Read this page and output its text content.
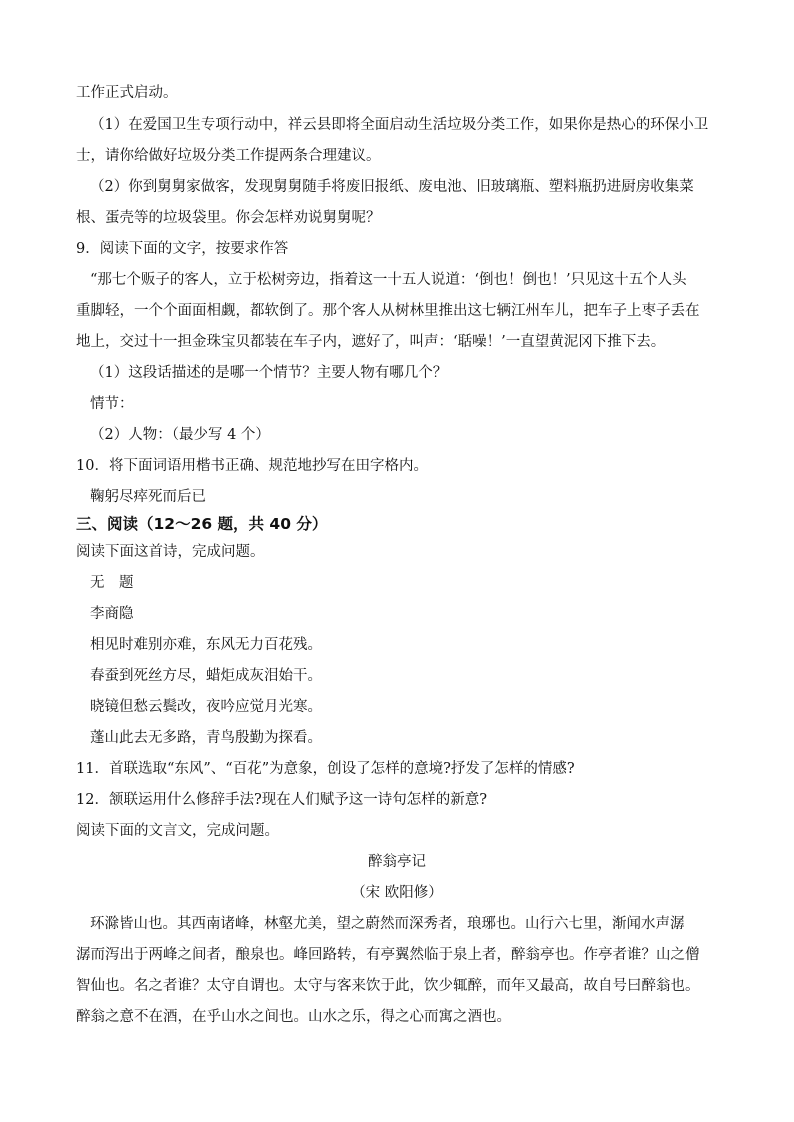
工作正式启动。
（1）在爱国卫生专项行动中，祥云县即将全面启动生活垃圾分类工作，如果你是热心的环保小卫
士，请你给做好垃圾分类工作提两条合理建议。
（2）你到舅舅家做客，发现舅舅随手将废旧报纸、废电池、旧玻璃瓶、塑料瓶扔进厨房收集菜
根、蛋壳等的垃圾袋里。你会怎样劝说舅舅呢？
9．阅读下面的文字，按要求作答
“那七个贩子的客人，立于松树旁边，指着这一十五人说道：‘倒也！倒也！’只见这十五个人头
重脚轻，一个个面面相觑，都软倒了。那个客人从树林里推出这七辆江州车儿，把车子上枣子丢在
地上，交过十一担金珠宝贝都装在车子内，遮好了，叫声：‘聒噪！’一直望黄泥冈下推下去。
（1）这段话描述的是哪一个情节？主要人物有哪几个？
情节：
（2）人物：（最少写 4 个）
10．将下面词语用楷书正确、规范地抄写在田字格内。
鞠躬尽瘁死而后已
三、阅读（12～26 题，共 40 分）
阅读下面这首诗，完成问题。
无　题
李商隐
相见时难别亦难，东风无力百花残。
春蚕到死丝方尽，蜡炬成灰泪始干。
晓镜但愁云鬓改，夜吟应觉月光寒。
蓬山此去无多路，青鸟殷勤为探看。
11．首联选取“东风”、“百花”为意象，创设了怎样的意境?抒发了怎样的情感?
12．颔联运用什么修辞手法?现在人们赋予这一诗句怎样的新意?
阅读下面的文言文，完成问题。
醉翁亭记
（宋 欧阳修）
环滁皆山也。其西南诸峰，林壑尤美，望之蔚然而深秀者，琅琊也。山行六七里，渐闻水声潺
潺而泻出于两峰之间者，酿泉也。峰回路转，有亭翼然临于泉上者，醉翁亭也。作亭者谁？山之僧
智仙也。名之者谁？太守自谓也。太守与客来饮于此，饮少辄醉，而年又最高，故自号曰醉翁也。
醉翁之意不在酒，在乎山水之间也。山水之乐，得之心而寓之酒也。
